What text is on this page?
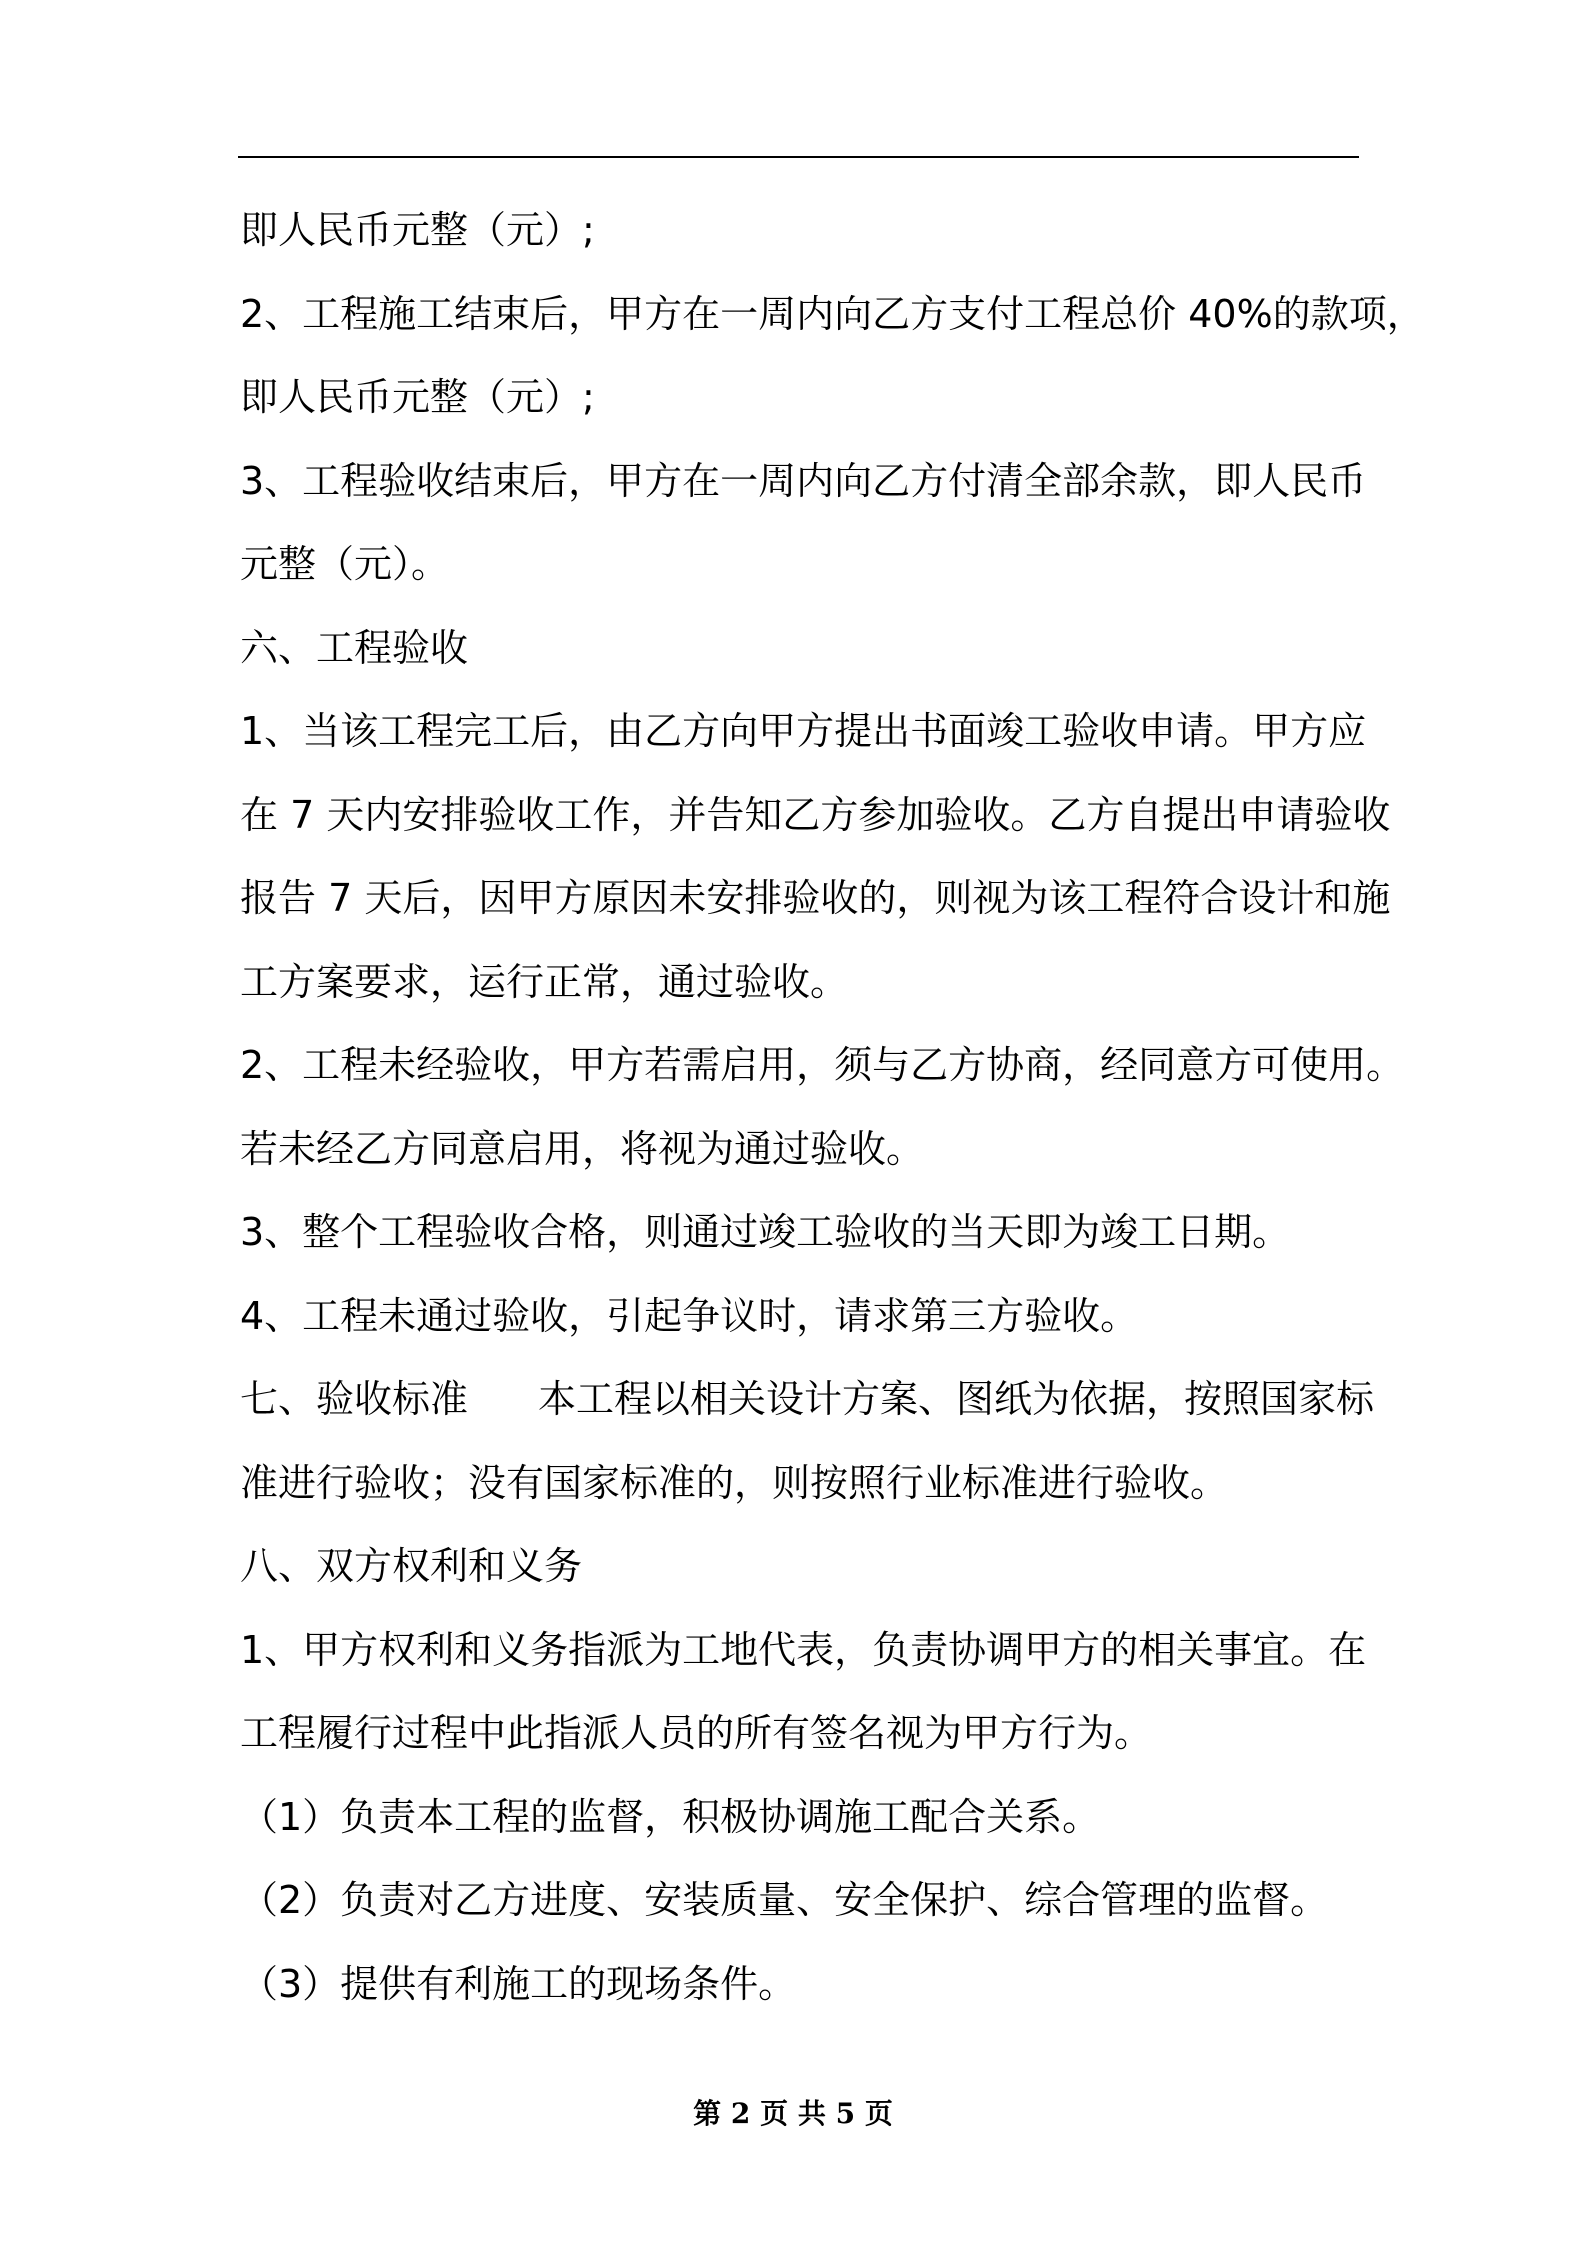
即人民币元整（元）;
2、工程施工结束后，甲方在一周内向乙方支付工程总价 40%的款项，
即人民币元整（元）;
3、工程验收结束后，甲方在一周内向乙方付清全部余款，即人民币
元整（元）。
六、工程验收
1、当该工程完工后，由乙方向甲方提出书面竣工验收申请。甲方应
在 7 天内安排验收工作，并告知乙方参加验收。乙方自提出申请验收
报告 7 天后，因甲方原因未安排验收的，则视为该工程符合设计和施
工方案要求，运行正常，通过验收。
2、工程未经验收，甲方若需启用，须与乙方协商，经同意方可使用。
若未经乙方同意启用，将视为通过验收。
3、整个工程验收合格，则通过竣工验收的当天即为竣工日期。
4、工程未通过验收，引起争议时，请求第三方验收。
七、验收标准 本工程以相关设计方案、图纸为依据，按照国家标
准进行验收；没有国家标准的，则按照行业标准进行验收。
八、双方权利和义务
1、甲方权利和义务指派为工地代表，负责协调甲方的相关事宜。在
工程履行过程中此指派人员的所有签名视为甲方行为。
（1）负责本工程的监督，积极协调施工配合关系。
（2）负责对乙方进度、安装质量、安全保护、综合管理的监督。
（3）提供有利施工的现场条件。
第 2 页 共 5 页
